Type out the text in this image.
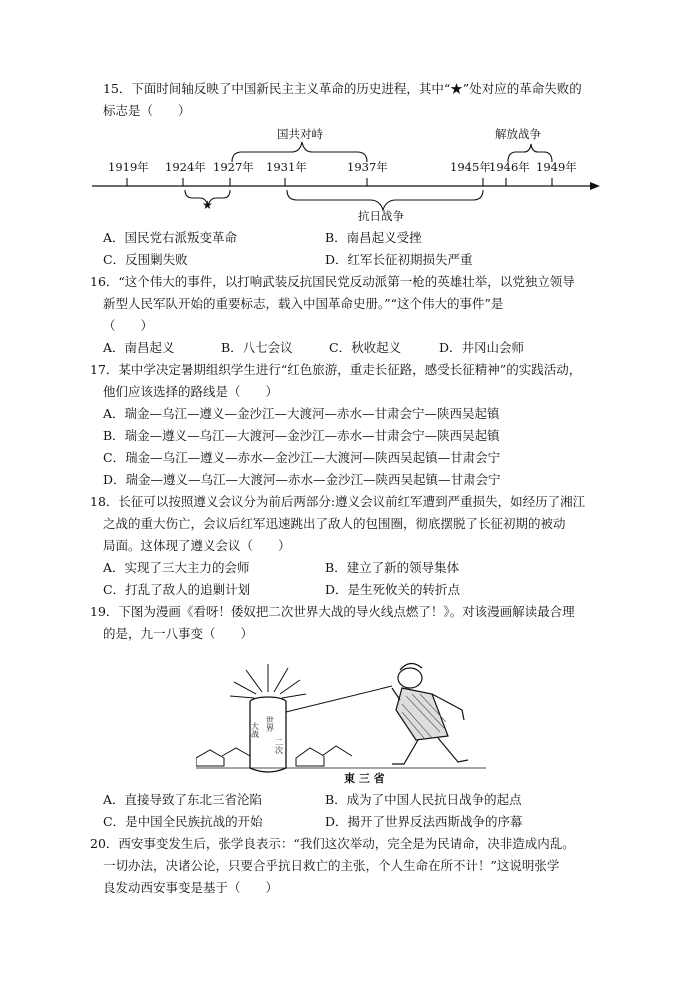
15．下面时间轴反映了中国新民主主义革命的历史进程，其中“★”处对应的革命失败的
标志是（　　）
国共对峙	解放战争
1919年 1924年 1927年 1931年	1937年	1945年
1946年 1949年
★
抗日战争
A．国民党右派叛变革命	B．南昌起义受挫
C．反围剿失败	D．红军长征初期损失严重
16．“这个伟大的事件，以打响武装反抗国民党反动派第一枪的英雄壮举，以党独立领导
新型人民军队开始的重要标志，载入中国革命史册。”“这个伟大的事件”是
（　　）
A．南昌起义	B．八七会议	C．秋收起义	D．井冈山会师
17．某中学决定暑期组织学生进行“红色旅游，重走长征路，感受长征精神”的实践活动，
他们应该选择的路线是（　　）
A．瑞金—乌江—遵义—金沙江—大渡河—赤水—甘肃会宁—陕西吴起镇
B．瑞金—遵义—乌江—大渡河—金沙江—赤水—甘肃会宁—陕西吴起镇
C．瑞金—乌江—遵义—赤水—金沙江—大渡河—陕西吴起镇—甘肃会宁
D．瑞金—遵义—乌江—大渡河—赤水—金沙江—陕西吴起镇—甘肃会宁
18．长征可以按照遵义会议分为前后两部分:遵义会议前红军遭到严重损失，如经历了湘江
之战的重大伤亡，会议后红军迅速跳出了敌人的包围圈，彻底摆脱了长征初期的被动
局面。这体现了遵义会议（　　）
A．实现了三大主力的会师	B．建立了新的领导集体
C．打乱了敌人的追剿计划	D．是生死攸关的转折点
19．下图为漫画《看呀！倭奴把二次世界大战的导火线点燃了！》。对该漫画解读最合理
的是，九一八事变（　　）
大战 世界
二次
東 三 省
A．直接导致了东北三省沦陷	B．成为了中国人民抗日战争的起点
C．是中国全民族抗战的开始	D．揭开了世界反法西斯战争的序幕
20．西安事变发生后，张学良表示：“我们这次举动，完全是为民请命，决非造成内乱。
一切办法，决诸公论，只要合乎抗日救亡的主张，个人生命在所不计！”这说明张学
良发动西安事变是基于（　　）
